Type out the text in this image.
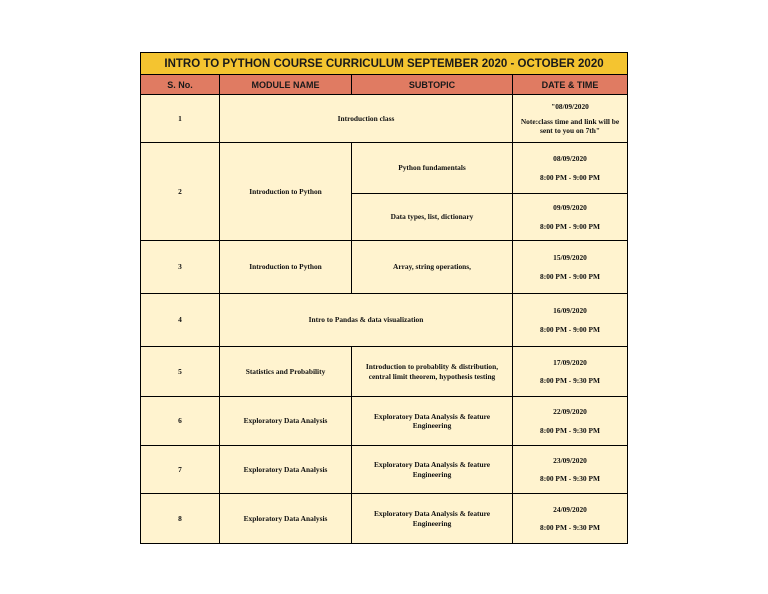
INTRO TO PYTHON COURSE CURRICULUM SEPTEMBER 2020 - OCTOBER 2020			
S. No.	MODULE NAME	SUBTOPIC	DATE & TIME
1	Introduction class		"08/09/2020
Note:class time and link will be sent to you on 7th"

2	Introduction to Python	Python fundamentals	08/09/2020
8:00 PM - 9:00 PM

		Data types, list, dictionary	09/09/2020
8:00 PM - 9:00 PM

3	Introduction to Python	Array, string operations,	15/09/2020
8:00 PM - 9:00 PM

4	Intro to Pandas & data visualization		16/09/2020
8:00 PM - 9:00 PM

5	Statistics and Probability	Introduction to probablity & distribution, central limit theorem, hypothesis testing	17/09/2020
8:00 PM - 9:30 PM

6	Exploratory Data Analysis	Exploratory Data Analysis & feature Engineering	22/09/2020
8:00 PM - 9:30 PM

7	Exploratory Data Analysis	Exploratory Data Analysis & feature Engineering	23/09/2020
8:00 PM - 9:30 PM

8	Exploratory Data Analysis	Exploratory Data Analysis & feature Engineering	24/09/2020
8:00 PM - 9:30 PM
